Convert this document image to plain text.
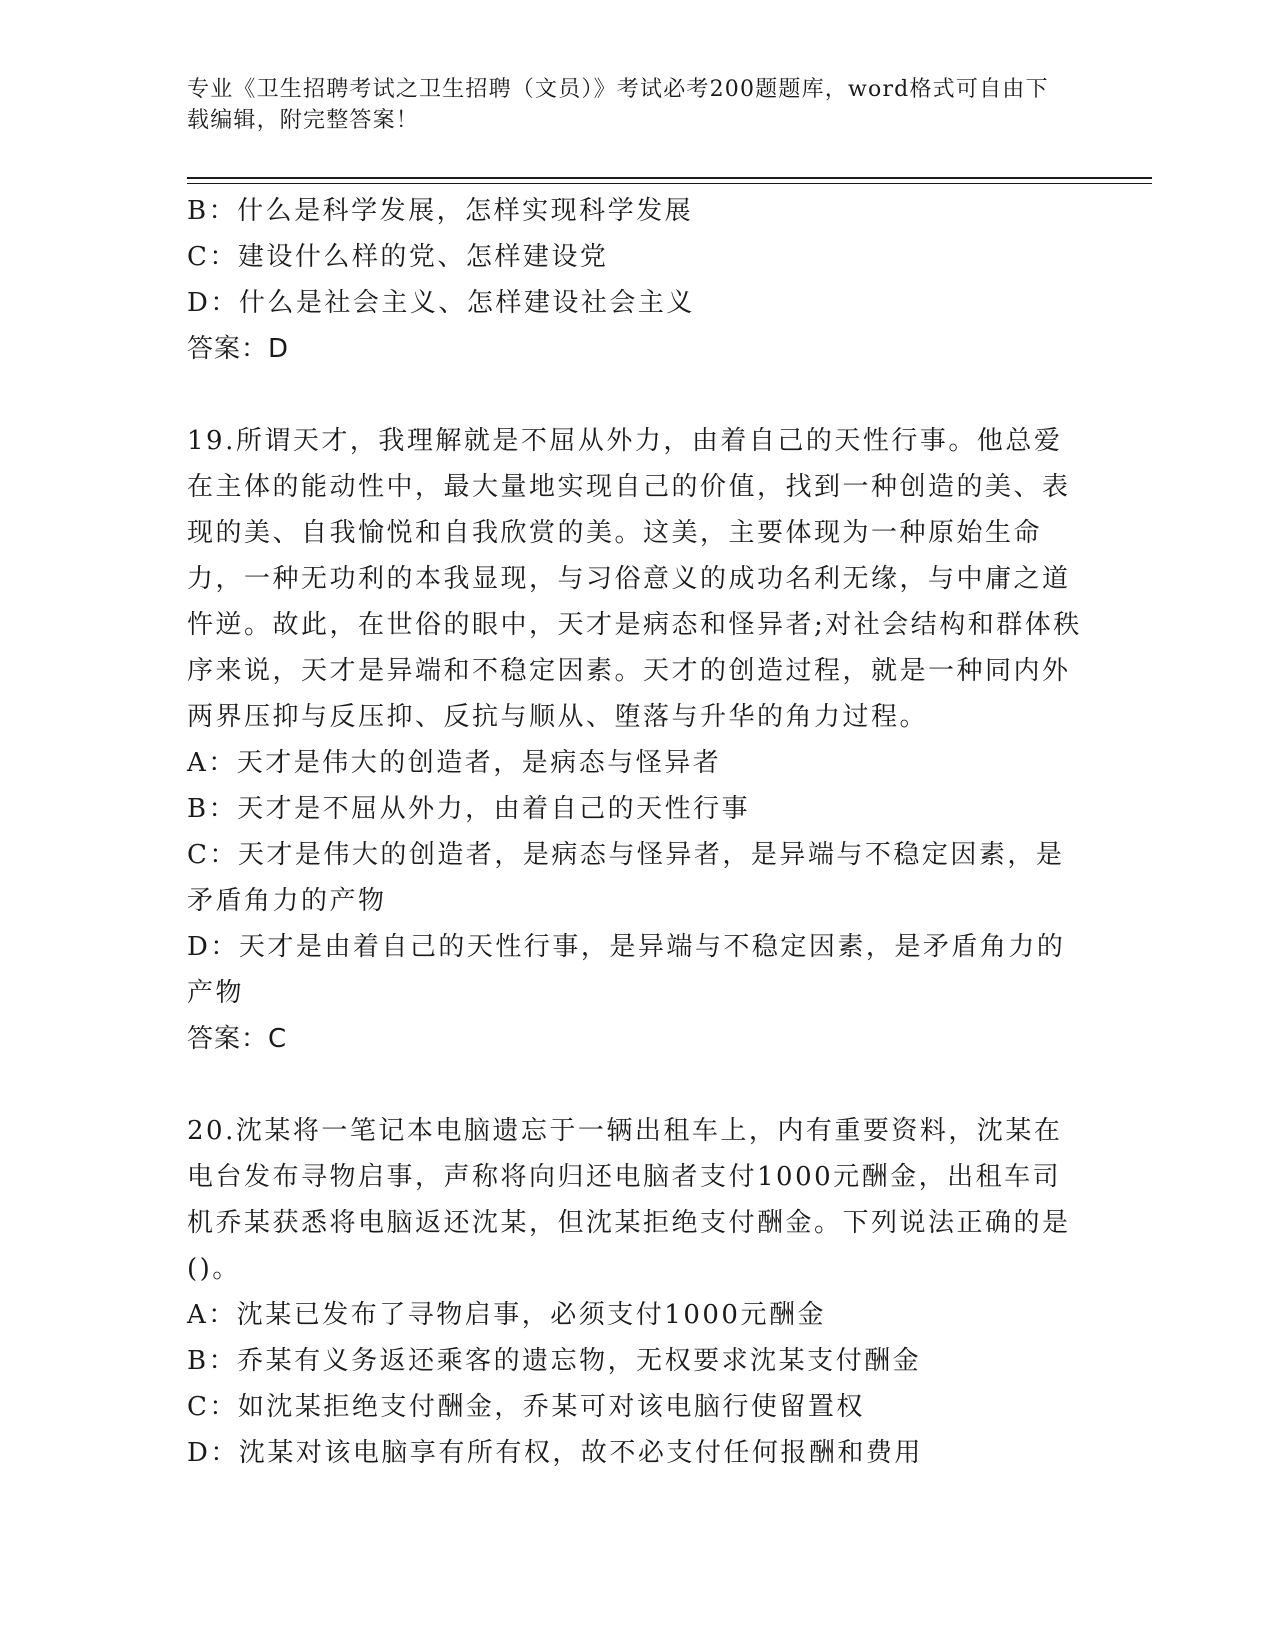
专业《卫生招聘考试之卫生招聘（文员）》考试必考200题题库，word格式可自由下载编辑，附完整答案！

B：什么是科学发展，怎样实现科学发展

C：建设什么样的党、怎样建设党

D：什么是社会主义、怎样建设社会主义

答案：D

19.所谓天才，我理解就是不屈从外力，由着自己的天性行事。他总爱在主体的能动性中，最大量地实现自己的价值，找到一种创造的美、表现的美、自我愉悦和自我欣赏的美。这美，主要体现为一种原始生命力，一种无功利的本我显现，与习俗意义的成功名利无缘，与中庸之道忤逆。故此，在世俗的眼中，天才是病态和怪异者;对社会结构和群体秩序来说，天才是异端和不稳定因素。天才的创造过程，就是一种同内外两界压抑与反压抑、反抗与顺从、堕落与升华的角力过程。

A：天才是伟大的创造者，是病态与怪异者

B：天才是不屈从外力，由着自己的天性行事

C：天才是伟大的创造者，是病态与怪异者，是异端与不稳定因素，是矛盾角力的产物

D：天才是由着自己的天性行事，是异端与不稳定因素，是矛盾角力的产物

答案：C

20.沈某将一笔记本电脑遗忘于一辆出租车上，内有重要资料，沈某在电台发布寻物启事，声称将向归还电脑者支付1000元酬金，出租车司机乔某获悉将电脑返还沈某，但沈某拒绝支付酬金。下列说法正确的是()。

A：沈某已发布了寻物启事，必须支付1000元酬金

B：乔某有义务返还乘客的遗忘物，无权要求沈某支付酬金

C：如沈某拒绝支付酬金，乔某可对该电脑行使留置权

D：沈某对该电脑享有所有权，故不必支付任何报酬和费用
